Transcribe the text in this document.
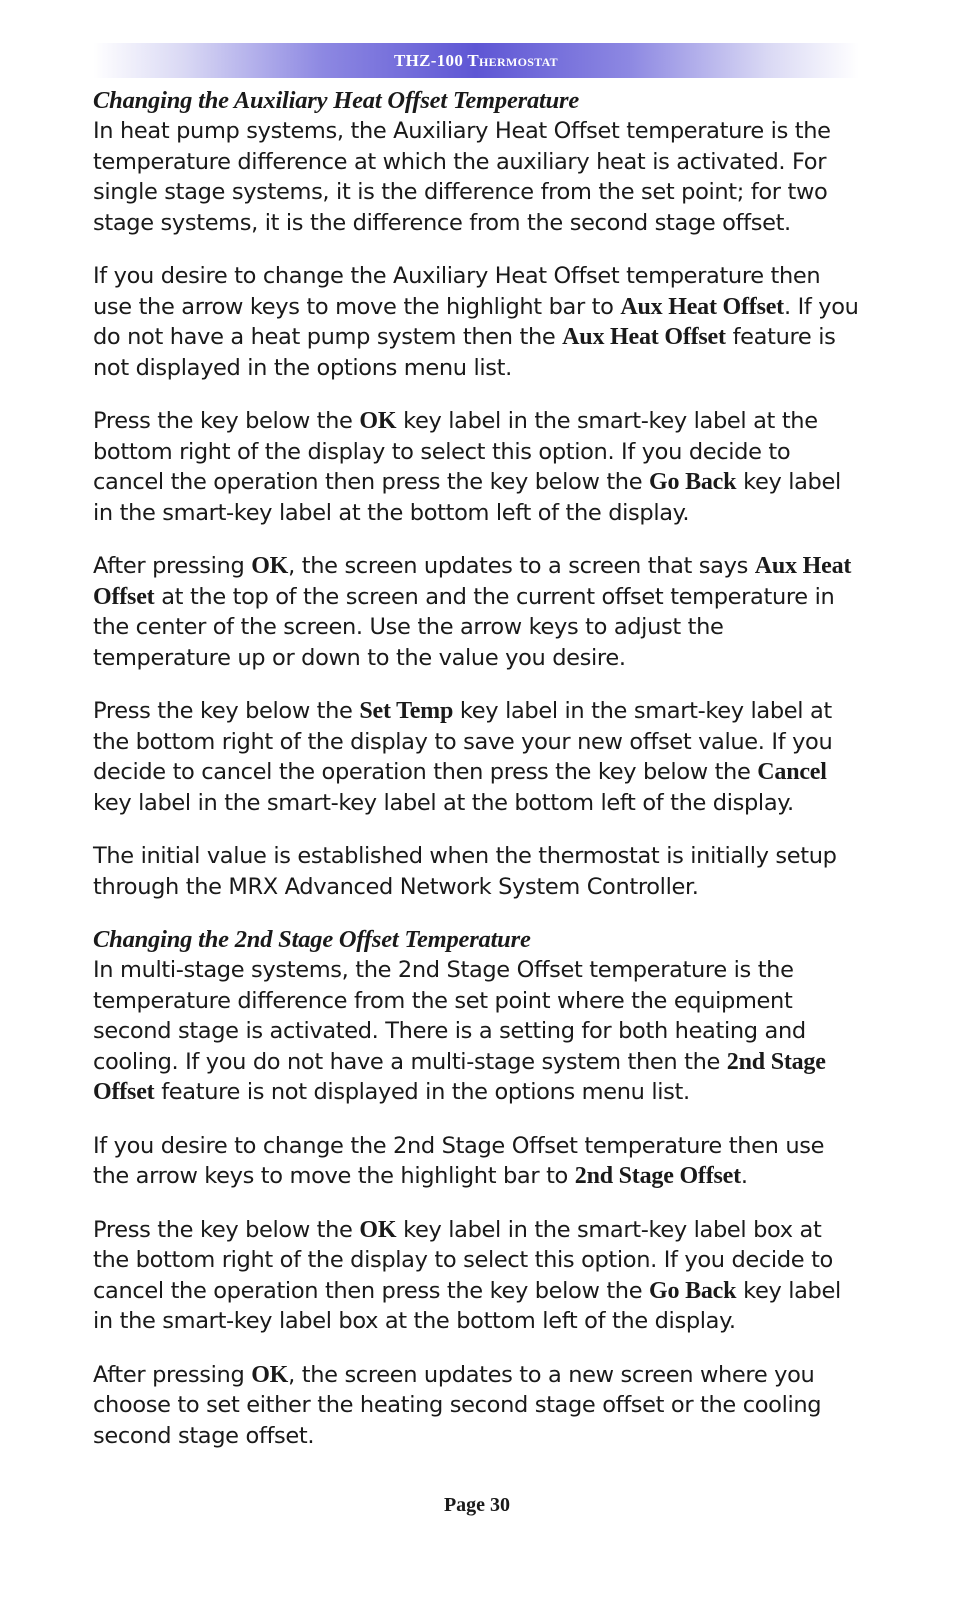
THZ-100 Thermostat
Changing the Auxiliary Heat Offset Temperature

In heat pump systems, the Auxiliary Heat Offset temperature is the temperature difference at which the auxiliary heat is activated. For single stage systems, it is the difference from the set point; for two stage systems, it is the difference from the second stage offset.

If you desire to change the Auxiliary Heat Offset temperature then use the arrow keys to move the highlight bar to Aux Heat Offset. If you do not have a heat pump system then the Aux Heat Offset feature is not displayed in the options menu list.

Press the key below the OK key label in the smart-key label at the bottom right of the display to select this option. If you decide to cancel the operation then press the key below the Go Back key label in the smart-key label at the bottom left of the display.

After pressing OK, the screen updates to a screen that says Aux Heat Offset at the top of the screen and the current offset temperature in the center of the screen. Use the arrow keys to adjust the temperature up or down to the value you desire.

Press the key below the Set Temp key label in the smart-key label at the bottom right of the display to save your new offset value. If you decide to cancel the operation then press the key below the Cancel key label in the smart-key label at the bottom left of the display.

The initial value is established when the thermostat is initially setup through the MRX Advanced Network System Controller.

Changing the 2nd Stage Offset Temperature

In multi-stage systems, the 2nd Stage Offset temperature is the temperature difference from the set point where the equipment second stage is activated. There is a setting for both heating and cooling. If you do not have a multi-stage system then the 2nd Stage Offset feature is not displayed in the options menu list.

If you desire to change the 2nd Stage Offset temperature then use the arrow keys to move the highlight bar to 2nd Stage Offset.

Press the key below the OK key label in the smart-key label box at the bottom right of the display to select this option. If you decide to cancel the operation then press the key below the Go Back key label in the smart-key label box at the bottom left of the display.

After pressing OK, the screen updates to a new screen where you choose to set either the heating second stage offset or the cooling second stage offset.

Page 30
